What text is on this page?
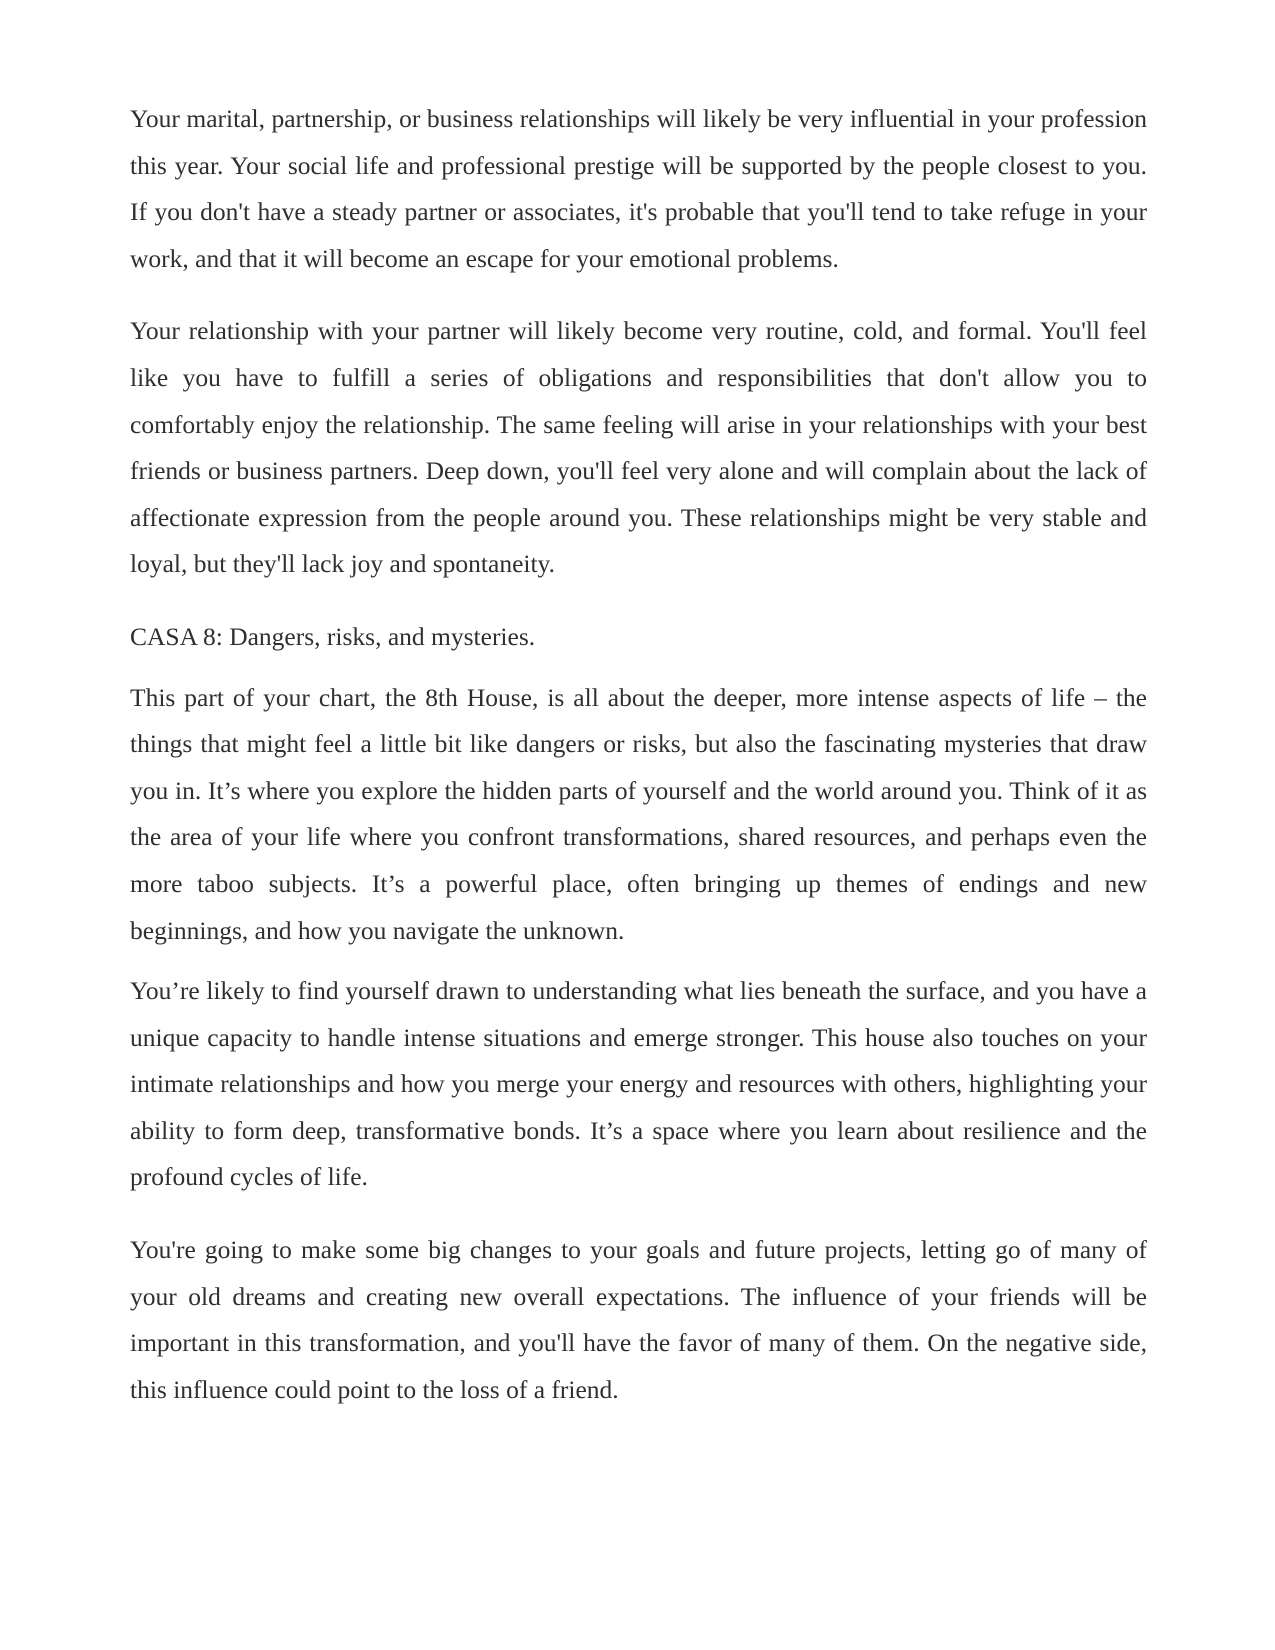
Your marital, partnership, or business relationships will likely be very influential in your profession this year. Your social life and professional prestige will be supported by the people closest to you. If you don't have a steady partner or associates, it's probable that you'll tend to take refuge in your work, and that it will become an escape for your emotional problems.

Your relationship with your partner will likely become very routine, cold, and formal. You'll feel like you have to fulfill a series of obligations and responsibilities that don't allow you to comfortably enjoy the relationship. The same feeling will arise in your relationships with your best friends or business partners. Deep down, you'll feel very alone and will complain about the lack of affectionate expression from the people around you. These relationships might be very stable and loyal, but they'll lack joy and spontaneity.

CASA 8: Dangers, risks, and mysteries.

This part of your chart, the 8th House, is all about the deeper, more intense aspects of life – the things that might feel a little bit like dangers or risks, but also the fascinating mysteries that draw you in. It’s where you explore the hidden parts of yourself and the world around you. Think of it as the area of your life where you confront transformations, shared resources, and perhaps even the more taboo subjects. It’s a powerful place, often bringing up themes of endings and new beginnings, and how you navigate the unknown.

You’re likely to find yourself drawn to understanding what lies beneath the surface, and you have a unique capacity to handle intense situations and emerge stronger. This house also touches on your intimate relationships and how you merge your energy and resources with others, highlighting your ability to form deep, transformative bonds. It’s a space where you learn about resilience and the profound cycles of life.

You're going to make some big changes to your goals and future projects, letting go of many of your old dreams and creating new overall expectations. The influence of your friends will be important in this transformation, and you'll have the favor of many of them. On the negative side, this influence could point to the loss of a friend.
